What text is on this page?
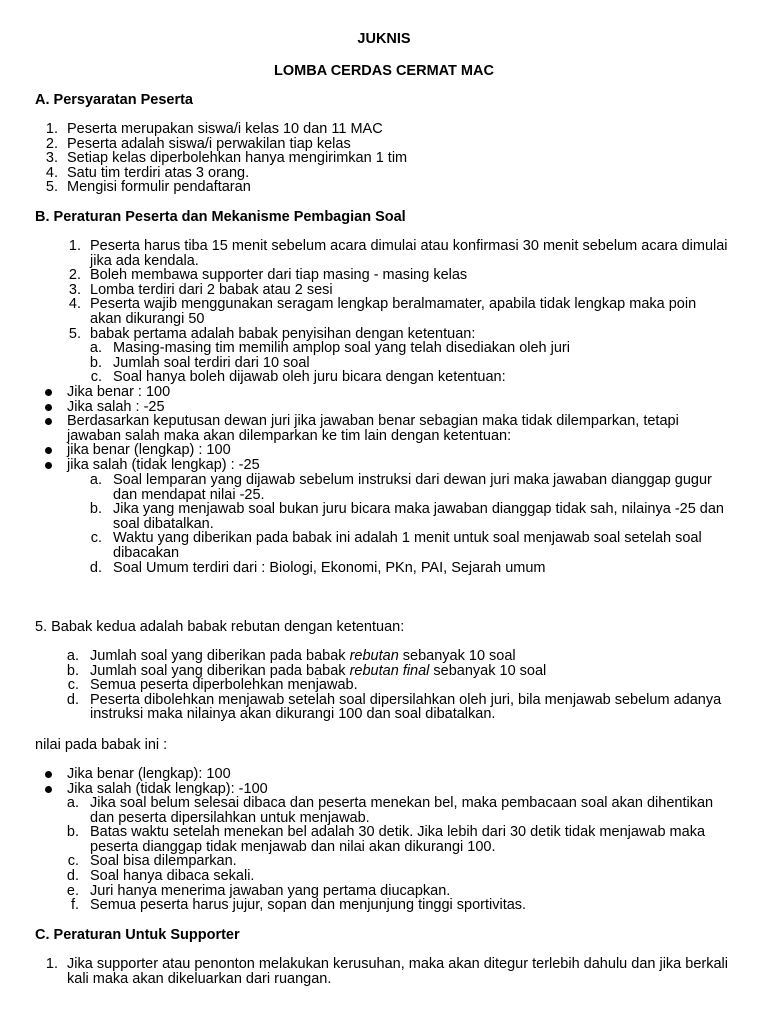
JUKNIS
LOMBA CERDAS CERMAT MAC
A. Persyaratan Peserta
1. Peserta merupakan siswa/i kelas 10 dan 11 MAC
2. Peserta adalah siswa/i perwakilan tiap kelas
3. Setiap kelas diperbolehkan hanya mengirimkan 1 tim
4. Satu tim terdiri atas 3 orang.
5. Mengisi formulir pendaftaran
B. Peraturan Peserta dan Mekanisme Pembagian Soal
1. Peserta harus tiba 15 menit sebelum acara dimulai atau konfirmasi 30 menit sebelum acara dimulai jika ada kendala.
2. Boleh membawa supporter dari tiap masing - masing kelas
3. Lomba terdiri dari 2 babak atau 2 sesi
4. Peserta wajib menggunakan seragam lengkap beralmamater, apabila tidak lengkap maka poin akan dikurangi 50
5. babak pertama adalah babak penyisihan dengan ketentuan:
a. Masing-masing tim memilih amplop soal yang telah disediakan oleh juri
b. Jumlah soal terdiri dari 10 soal
c. Soal hanya boleh dijawab oleh juru bicara dengan ketentuan:
Jika benar : 100
Jika salah : -25
Berdasarkan keputusan dewan juri jika jawaban benar sebagian maka tidak dilemparkan, tetapi jawaban salah maka akan dilemparkan ke tim lain dengan ketentuan:
jika benar (lengkap) : 100
jika salah (tidak lengkap) : -25
a. Soal lemparan yang dijawab sebelum instruksi dari dewan juri maka jawaban dianggap gugur dan mendapat nilai -25.
b. Jika yang menjawab soal bukan juru bicara maka jawaban dianggap tidak sah, nilainya -25 dan soal dibatalkan.
c. Waktu yang diberikan pada babak ini adalah 1 menit untuk soal menjawab soal setelah soal dibacakan
d. Soal Umum terdiri dari : Biologi, Ekonomi, PKn, PAI, Sejarah umum
5. Babak kedua adalah babak rebutan dengan ketentuan:
a. Jumlah soal yang diberikan pada babak rebutan sebanyak 10 soal
b. Jumlah soal yang diberikan pada babak rebutan final sebanyak 10 soal
c. Semua peserta diperbolehkan menjawab.
d. Peserta dibolehkan menjawab setelah soal dipersilahkan oleh juri, bila menjawab sebelum adanya instruksi maka nilainya akan dikurangi 100 dan soal dibatalkan.
nilai pada babak ini :
Jika benar (lengkap): 100
Jika salah (tidak lengkap): -100
a. Jika soal belum selesai dibaca dan peserta menekan bel, maka pembacaan soal akan dihentikan dan peserta dipersilahkan untuk menjawab.
b. Batas waktu setelah menekan bel adalah 30 detik. Jika lebih dari 30 detik tidak menjawab maka peserta dianggap tidak menjawab dan nilai akan dikurangi 100.
c. Soal bisa dilemparkan.
d. Soal hanya dibaca sekali.
e. Juri hanya menerima jawaban yang pertama diucapkan.
f. Semua peserta harus jujur, sopan dan menjunjung tinggi sportivitas.
C. Peraturan Untuk Supporter
1. Jika supporter atau penonton melakukan kerusuhan, maka akan ditegur terlebih dahulu dan jika berkali kali maka akan dikeluarkan dari ruangan.
